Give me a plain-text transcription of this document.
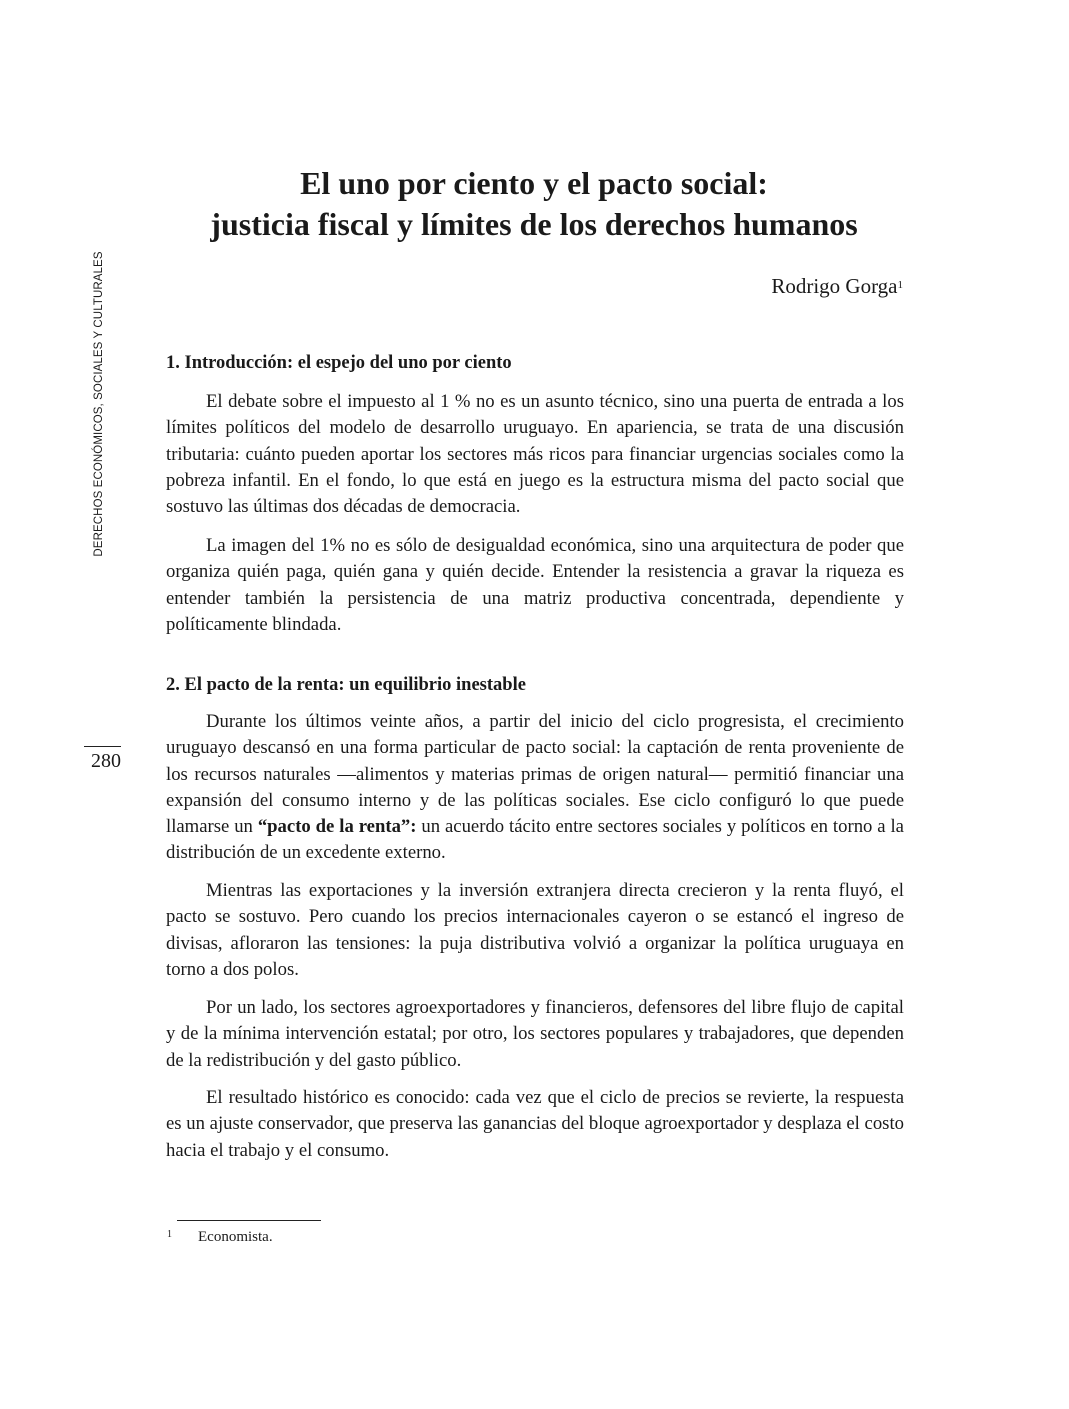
DERECHOS ECONÓMICOS, SOCIALES Y CULTURALES
280
El uno por ciento y el pacto social:
justicia fiscal y límites de los derechos humanos
Rodrigo Gorga$^1$
1. Introducción: el espejo del uno por ciento

El debate sobre el impuesto al 1 % no es un asunto técnico, sino una puerta de entrada a los límites políticos del modelo de desarrollo uruguayo. En apariencia, se trata de una discusión tributaria: cuánto pueden aportar los sectores más ricos para financiar urgencias sociales como la pobreza infantil. En el fondo, lo que está en juego es la estructura misma del pacto social que sostuvo las últimas dos décadas de democracia.

La imagen del 1% no es sólo de desigualdad económica, sino una arquitectura de poder que organiza quién paga, quién gana y quién decide. Entender la resistencia a gravar la riqueza es entender también la persistencia de una matriz productiva concentrada, dependiente y políticamente blindada.

2. El pacto de la renta: un equilibrio inestable

Durante los últimos veinte años, a partir del inicio del ciclo progresista, el crecimiento uruguayo descansó en una forma particular de pacto social: la captación de renta proveniente de los recursos naturales —alimentos y materias primas de origen natural— permitió financiar una expansión del consumo interno y de las políticas sociales. Ese ciclo configuró lo que puede llamarse un “pacto de la renta”: un acuerdo tácito entre sectores sociales y políticos en torno a la distribución de un excedente externo.

Mientras las exportaciones y la inversión extranjera directa crecieron y la renta fluyó, el pacto se sostuvo. Pero cuando los precios internacionales cayeron o se estancó el ingreso de divisas, afloraron las tensiones: la puja distributiva volvió a organizar la política uruguaya en torno a dos polos.

Por un lado, los sectores agroexportadores y financieros, defensores del libre flujo de capital y de la mínima intervención estatal; por otro, los sectores populares y trabajadores, que dependen de la redistribución y del gasto público.

El resultado histórico es conocido: cada vez que el ciclo de precios se revierte, la respuesta es un ajuste conservador, que preserva las ganancias del bloque agroexportador y desplaza el costo hacia el trabajo y el consumo.

1 Economista.
